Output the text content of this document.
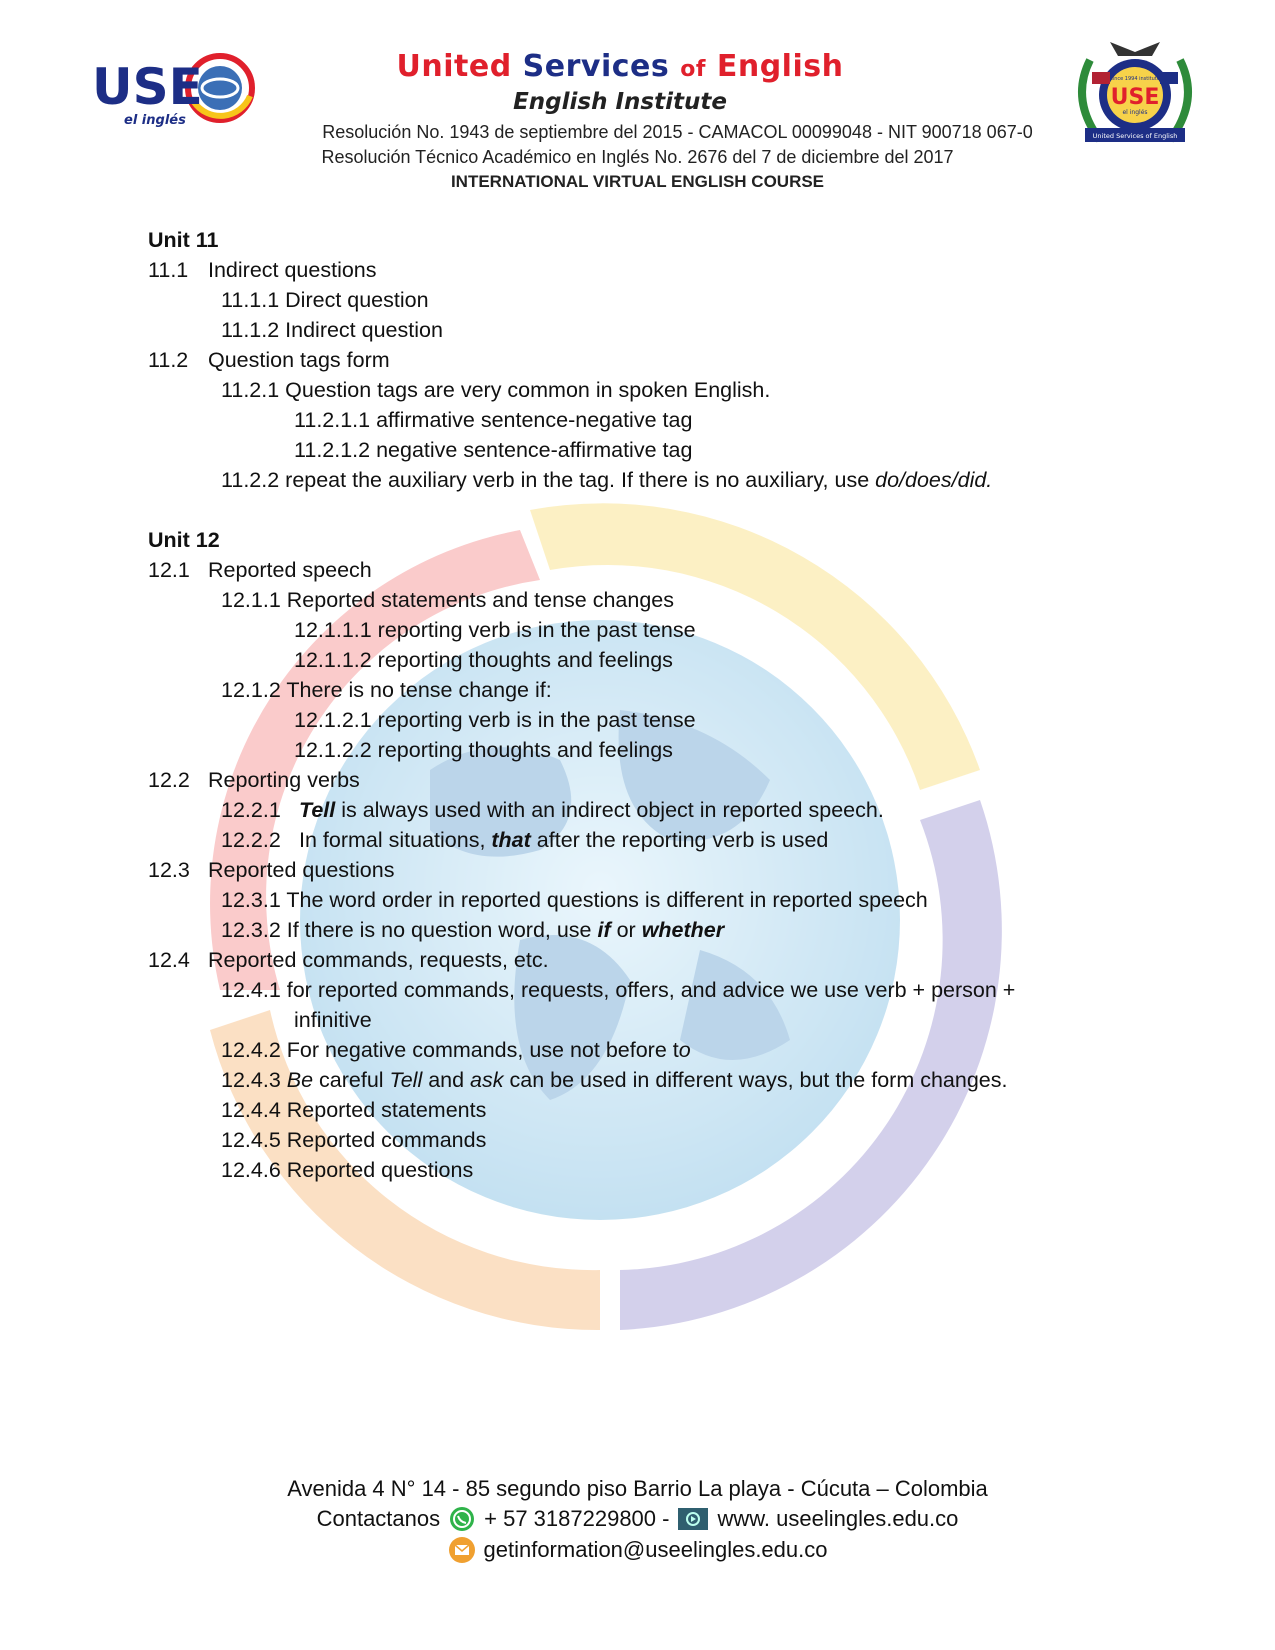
USE
el inglés
United Services of English
English Institute
Resolución No. 1943 de septiembre del 2015 - CAMACOL 00099048 - NIT 900718 067-0
Resolución Técnico Académico en Inglés No. 2676 del 7 de diciembre del 2017
INTERNATIONAL VIRTUAL ENGLISH COURSE
since 1994 institute
USE
el inglés
United Services of English
Unit 11
11.1 Indirect questions
11.1.1 Direct question
11.1.2 Indirect question
11.2 Question tags form
11.2.1 Question tags are very common in spoken English.
11.2.1.1 affirmative sentence-negative tag
11.2.1.2 negative sentence-affirmative tag
11.2.2 repeat the auxiliary verb in the tag. If there is no auxiliary, use do/does/did.
Unit 12
12.1 Reported speech
12.1.1 Reported statements and tense changes
12.1.1.1 reporting verb is in the past tense
12.1.1.2 reporting thoughts and feelings
12.1.2 There is no tense change if:
12.1.2.1 reporting verb is in the past tense
12.1.2.2 reporting thoughts and feelings
12.2 Reporting verbs
12.2.1 Tell is always used with an indirect object in reported speech.
12.2.2 In formal situations, that after the reporting verb is used
12.3 Reported questions
12.3.1 The word order in reported questions is different in reported speech
12.3.2 If there is no question word, use if or whether
12.4 Reported commands, requests, etc.
12.4.1 for reported commands, requests, offers, and advice we use verb + person +
infinitive
12.4.2 For negative commands, use not before to
12.4.3 Be careful Tell and ask can be used in different ways, but the form changes.
12.4.4 Reported statements
12.4.5 Reported commands
12.4.6 Reported questions
Avenida 4 N° 14 - 85 segundo piso Barrio La playa - Cúcuta – Colombia
Contactanos + 57 3187229800 - www. useelingles.edu.co
getinformation@useelingles.edu.co
